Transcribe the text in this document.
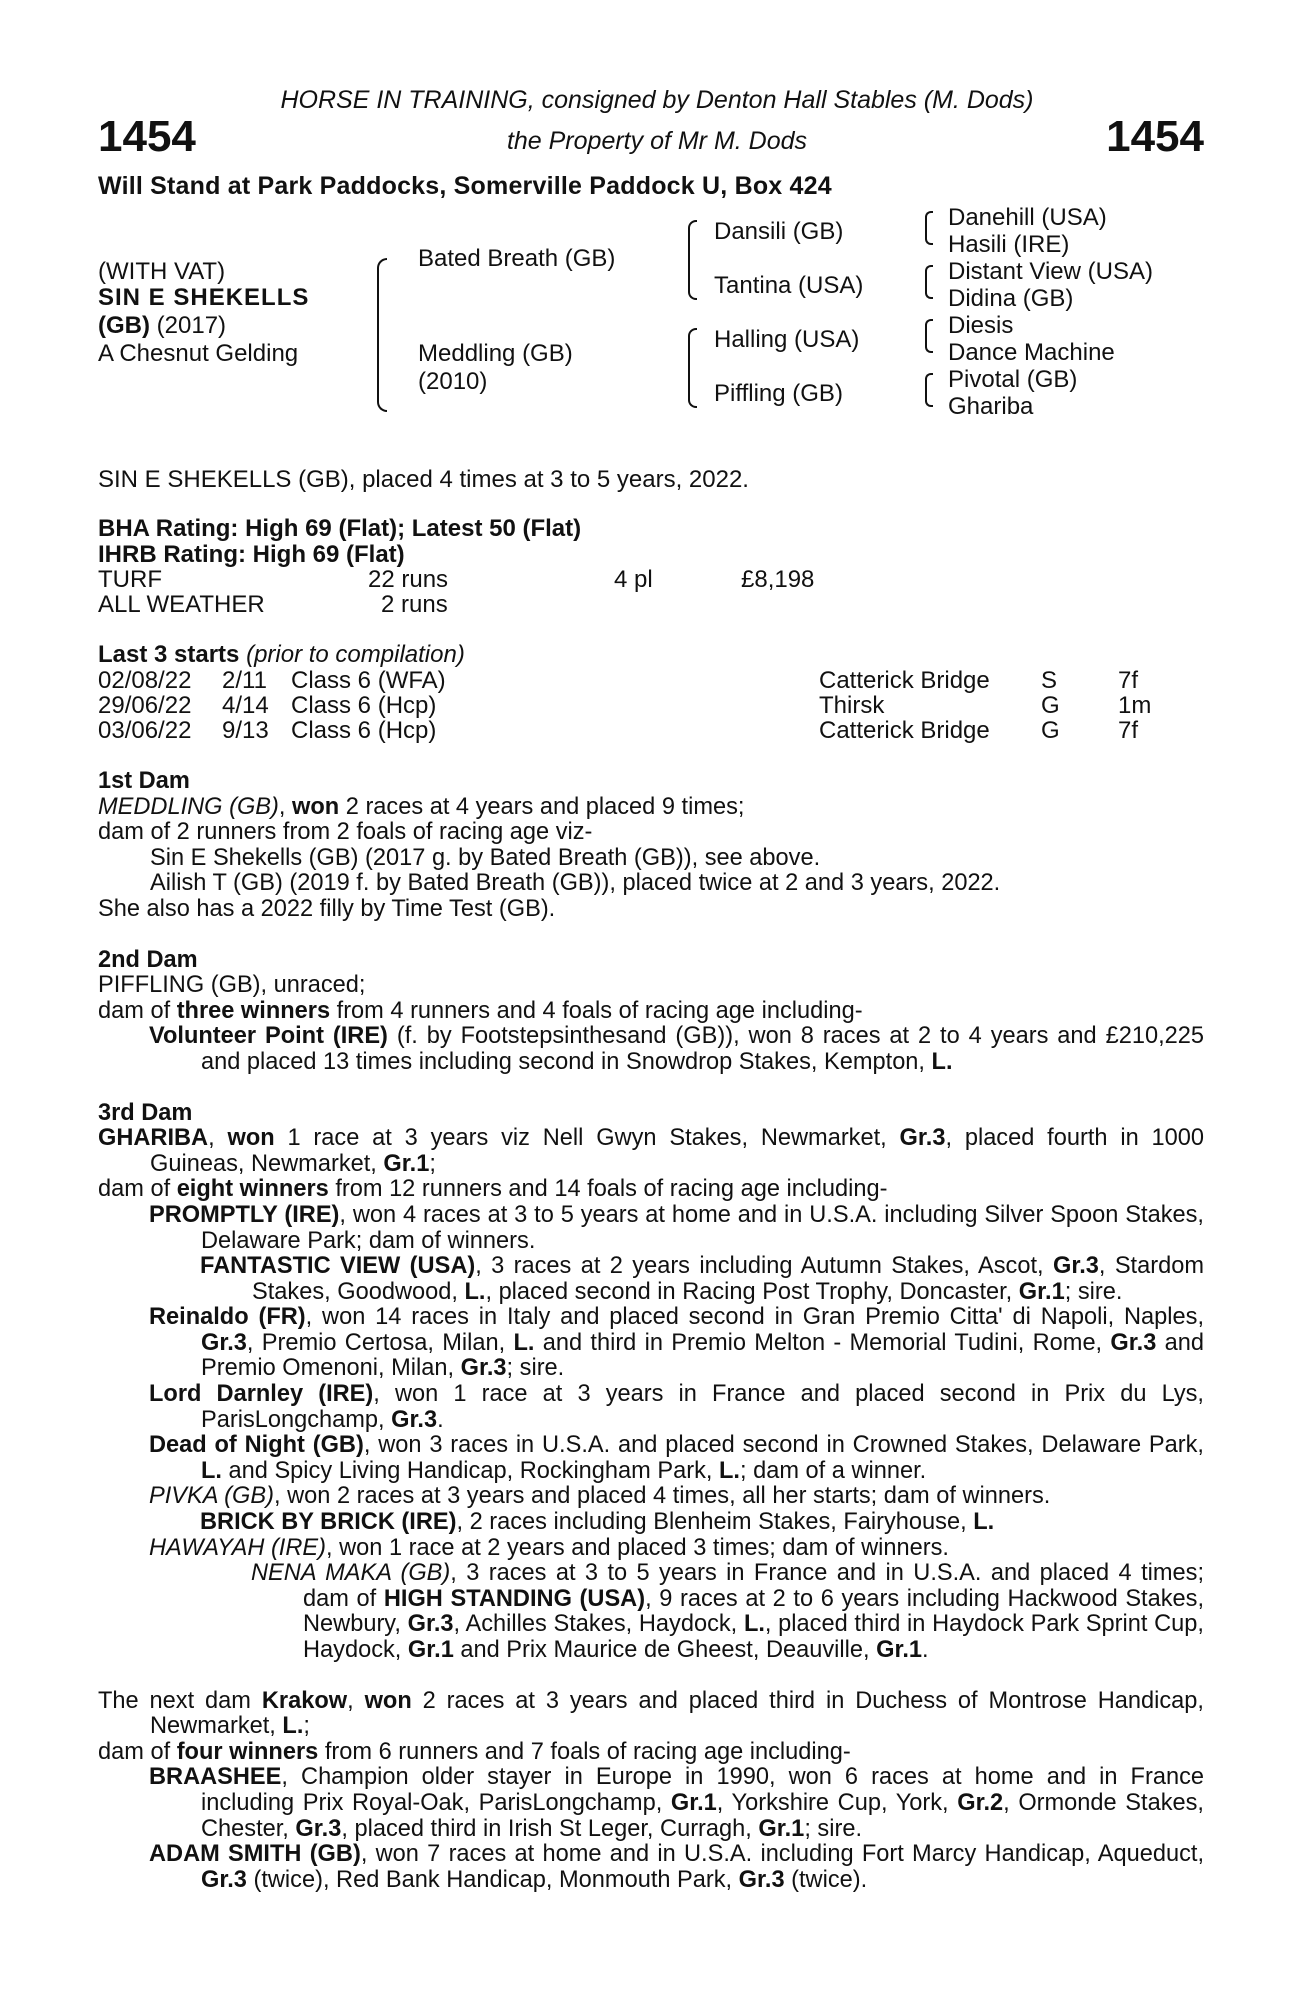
1454	1454
HORSE IN TRAINING, consigned by Denton Hall Stables (M. Dods)
the Property of Mr M. Dods
Will Stand at Park Paddocks, Somerville Paddock U, Box 424
(WITH VAT)
SIN E SHEKELLS
(GB) (2017)
A Chesnut Gelding
Bated Breath (GB)
Meddling (GB)
(2010)
Dansili (GB)
Tantina (USA)
Halling (USA)
Piffling (GB)
Danehill (USA)
Hasili (IRE)
Distant View (USA)
Didina (GB)
Diesis
Dance Machine
Pivotal (GB)
Ghariba
SIN E SHEKELLS (GB), placed 4 times at 3 to 5 years, 2022.
BHA Rating: High 69 (Flat); Latest 50 (Flat)
IHRB Rating: High 69 (Flat)
TURF	22 runs	4 pl	£8,198
ALL WEATHER	2 runs
Last 3 starts (prior to compilation)
02/08/22 2/11 Class 6 (WFA)	Catterick Bridge S	7f
29/06/22 4/14 Class 6 (Hcp)	Thirsk	G 1m
03/06/22 9/13 Class 6 (Hcp)	Catterick Bridge G 7f

1st Dam

MEDDLING (GB), won 2 races at 4 years and placed 9 times;

dam of 2 runners from 2 foals of racing age viz-

Sin E Shekells (GB) (2017 g. by Bated Breath (GB)), see above.

Ailish T (GB) (2019 f. by Bated Breath (GB)), placed twice at 2 and 3 years, 2022.

She also has a 2022 filly by Time Test (GB).

2nd Dam

PIFFLING (GB), unraced;

dam of three winners from 4 runners and 4 foals of racing age including-

Volunteer Point (IRE) (f. by Footstepsinthesand (GB)), won 8 races at 2 to 4 years and £210,225 and placed 13 times including second in Snowdrop Stakes, Kempton, L.

3rd Dam

GHARIBA, won 1 race at 3 years viz Nell Gwyn Stakes, Newmarket, Gr.3, placed fourth in 1000 Guineas, Newmarket, Gr.1;

dam of eight winners from 12 runners and 14 foals of racing age including-

PROMPTLY (IRE), won 4 races at 3 to 5 years at home and in U.S.A. including Silver Spoon Stakes, Delaware Park; dam of winners.

FANTASTIC VIEW (USA), 3 races at 2 years including Autumn Stakes, Ascot, Gr.3, Stardom Stakes, Goodwood, L., placed second in Racing Post Trophy, Doncaster, Gr.1; sire.

Reinaldo (FR), won 14 races in Italy and placed second in Gran Premio Citta' di Napoli, Naples, Gr.3, Premio Certosa, Milan, L. and third in Premio Melton - Memorial Tudini, Rome, Gr.3 and Premio Omenoni, Milan, Gr.3; sire.

Lord Darnley (IRE), won 1 race at 3 years in France and placed second in Prix du Lys, ParisLongchamp, Gr.3.

Dead of Night (GB), won 3 races in U.S.A. and placed second in Crowned Stakes, Delaware Park, L. and Spicy Living Handicap, Rockingham Park, L.; dam of a winner.

PIVKA (GB), won 2 races at 3 years and placed 4 times, all her starts; dam of winners.

BRICK BY BRICK (IRE), 2 races including Blenheim Stakes, Fairyhouse, L.

HAWAYAH (IRE), won 1 race at 2 years and placed 3 times; dam of winners.

NENA MAKA (GB), 3 races at 3 to 5 years in France and in U.S.A. and placed 4 times; dam of HIGH STANDING (USA), 9 races at 2 to 6 years including Hackwood Stakes, Newbury, Gr.3, Achilles Stakes, Haydock, L., placed third in Haydock Park Sprint Cup, Haydock, Gr.1 and Prix Maurice de Gheest, Deauville, Gr.1.

The next dam Krakow, won 2 races at 3 years and placed third in Duchess of Montrose Handicap, Newmarket, L.;

dam of four winners from 6 runners and 7 foals of racing age including-

BRAASHEE, Champion older stayer in Europe in 1990, won 6 races at home and in France including Prix Royal-Oak, ParisLongchamp, Gr.1, Yorkshire Cup, York, Gr.2, Ormonde Stakes, Chester, Gr.3, placed third in Irish St Leger, Curragh, Gr.1; sire.

ADAM SMITH (GB), won 7 races at home and in U.S.A. including Fort Marcy Handicap, Aqueduct, Gr.3 (twice), Red Bank Handicap, Monmouth Park, Gr.3 (twice).
